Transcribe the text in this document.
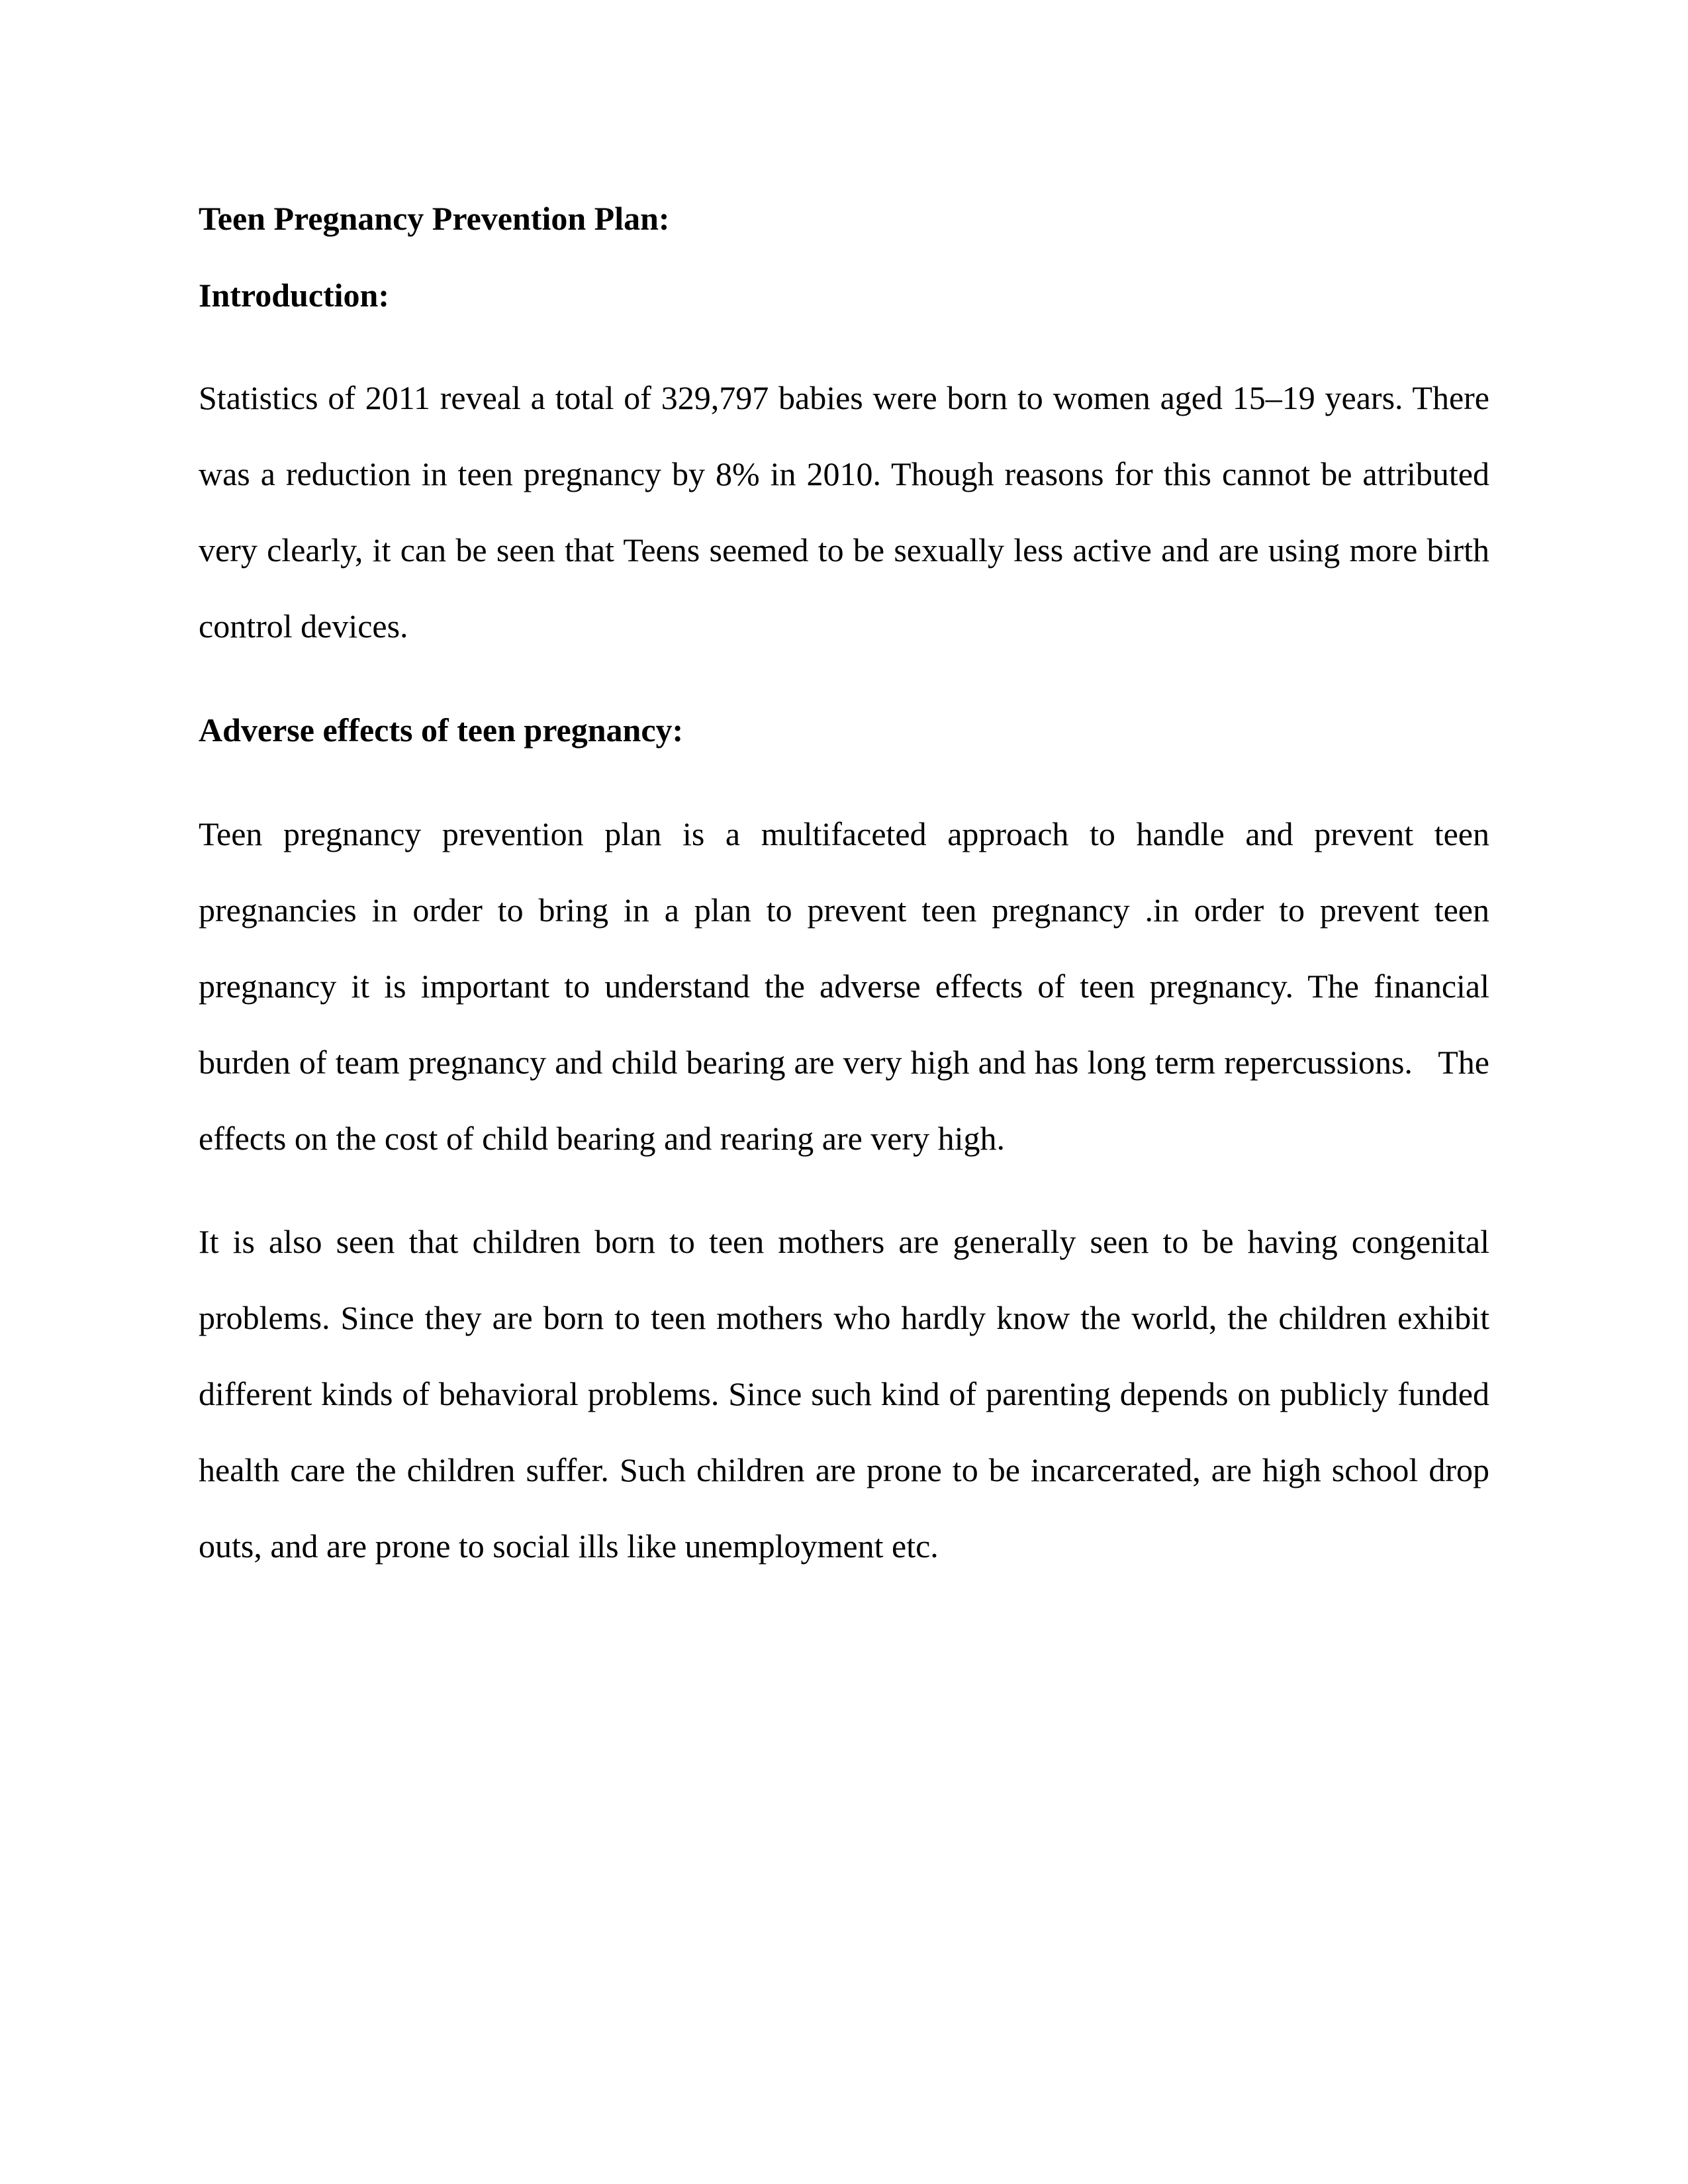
Teen Pregnancy Prevention Plan:
Introduction:
Statistics of 2011 reveal a total of 329,797 babies were born to women aged 15–19 years. There
was a reduction in teen pregnancy by 8% in 2010. Though reasons for this cannot be attributed
very clearly, it can be seen that Teens seemed to be sexually less active and are using more birth
control devices.
Adverse effects of teen pregnancy:
Teen pregnancy prevention plan is a multifaceted approach to handle and prevent teen
pregnancies in order to bring in a plan to prevent teen pregnancy .in order to prevent teen
pregnancy it is important to understand the adverse effects of teen pregnancy. The financial
burden of team pregnancy and child bearing are very high and has long term repercussions.   The
effects on the cost of child bearing and rearing are very high.
It is also seen that children born to teen mothers are generally seen to be having congenital
problems. Since they are born to teen mothers who hardly know the world, the children exhibit
different kinds of behavioral problems. Since such kind of parenting depends on publicly funded
health care the children suffer. Such children are prone to be incarcerated, are high school drop
outs, and are prone to social ills like unemployment etc.
